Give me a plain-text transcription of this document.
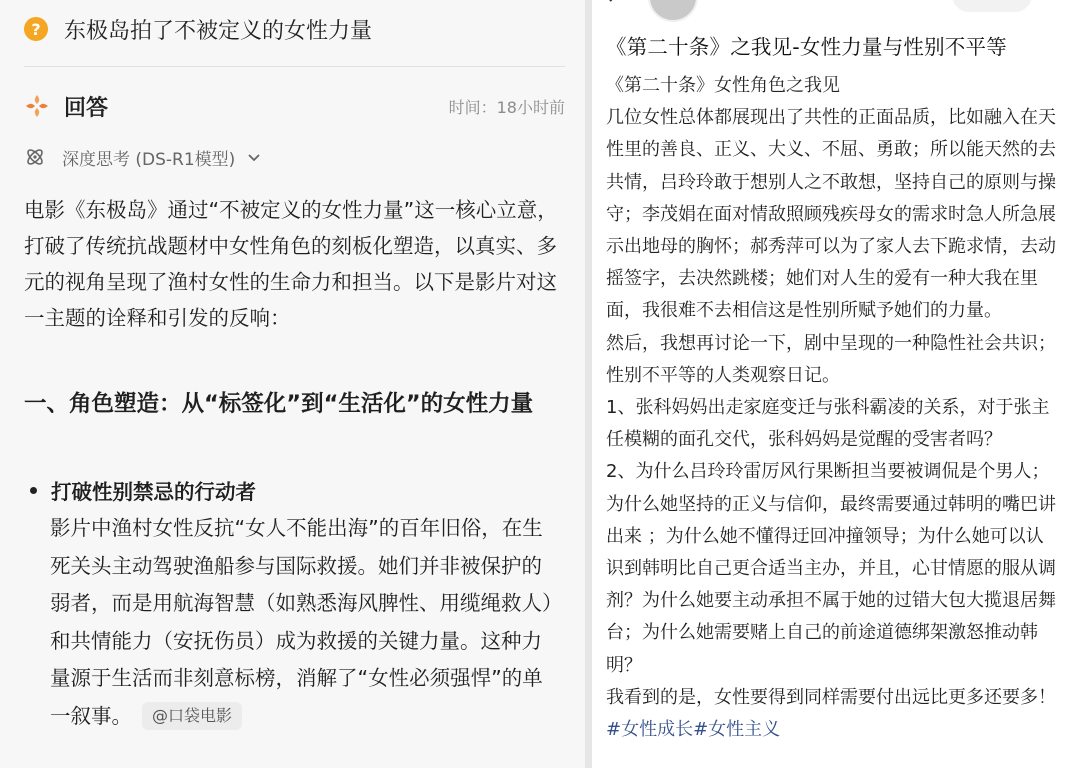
?	东极岛拍了不被定义的女性力量
回答	时间：18小时前
深度思考 (DS-R1模型)
电影《东极岛》通过“不被定义的女性力量”这一核心立意，打破了传统抗战题材中女性角色的刻板化塑造，以真实、多元的视角呈现了渔村女性的生命力和担当。以下是影片对这一主题的诠释和引发的反响：
一、角色塑造：从“标签化”到“生活化”的女性力量
打破性别禁忌的行动者
影片中渔村女性反抗“女人不能出海”的百年旧俗，在生死关头主动驾驶渔船参与国际救援。她们并非被保护的弱者，而是用航海智慧（如熟悉海风脾性、用缆绳救人）和共情能力（安抚伤员）成为救援的关键力量。这种力量源于生活而非刻意标榜，消解了“女性必须强悍”的单一叙事。 @口袋电影
《第二十条》之我见-女性力量与性别不平等

《第二十条》女性角色之我见

几位女性总体都展现出了共性的正面品质，比如融入在天性里的善良、正义、大义、不屈、勇敢；所以能天然的去共情，吕玲玲敢于想别人之不敢想，坚持自己的原则与操守；李茂娟在面对情敌照顾残疾母女的需求时急人所急展示出地母的胸怀；郝秀萍可以为了家人去下跪求情，去动摇签字，去决然跳楼；她们对人生的爱有一种大我在里面，我很难不去相信这是性别所赋予她们的力量。

然后，我想再讨论一下，剧中呈现的一种隐性社会共识；性别不平等的人类观察日记。

1、张科妈妈出走家庭变迁与张科霸凌的关系，对于张主任模糊的面孔交代，张科妈妈是觉醒的受害者吗？

2、为什么吕玲玲雷厉风行果断担当要被调侃是个男人；为什么她坚持的正义与信仰，最终需要通过韩明的嘴巴讲出来 ；为什么她不懂得迂回冲撞领导；为什么她可以认识到韩明比自己更合适当主办，并且，心甘情愿的服从调剂？为什么她要主动承担不属于她的过错大包大揽退居舞台；为什么她需要赌上自己的前途道德绑架激怒推动韩明？

我看到的是，女性要得到同样需要付出远比更多还要多！

#女性成长#女性主义
